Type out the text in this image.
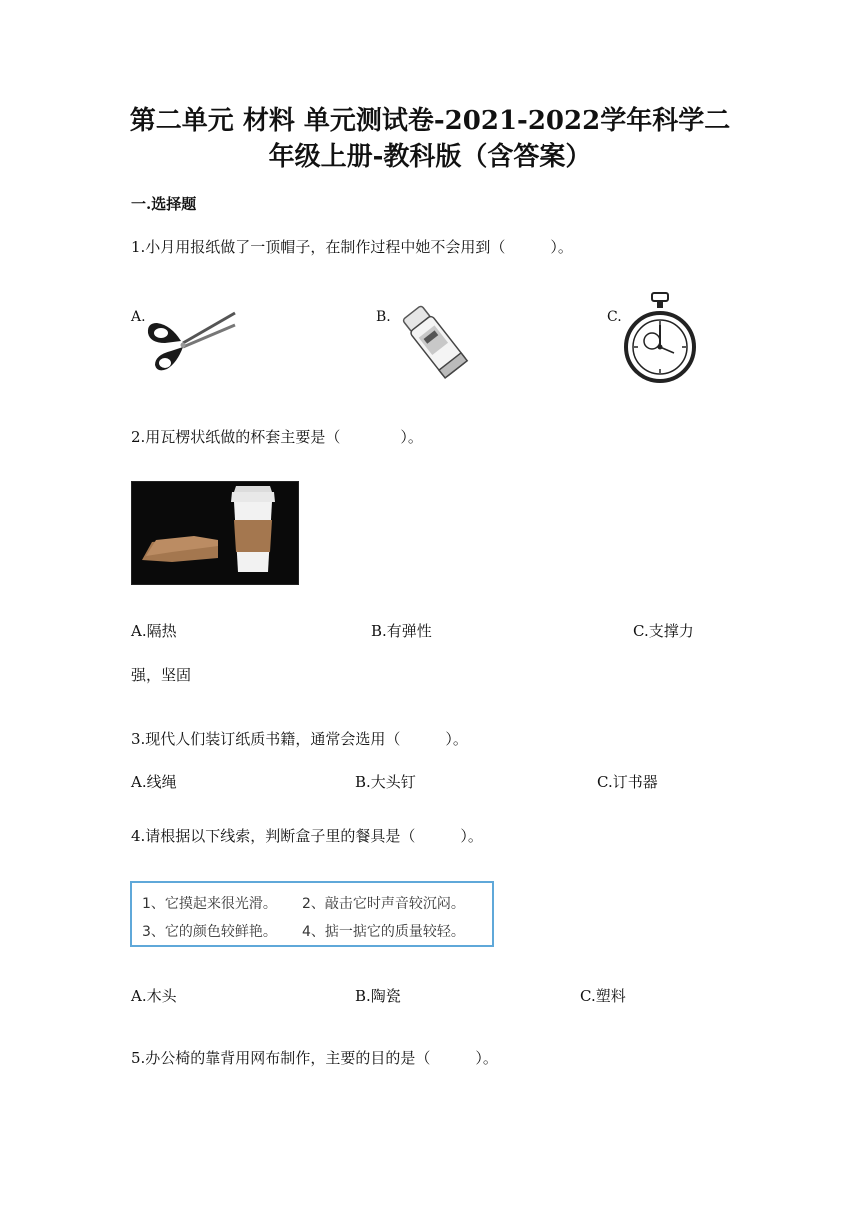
第二单元 材料 单元测试卷-2021-2022学年科学二
年级上册-教科版（含答案）
一.选择题
1.小月用报纸做了一顶帽子，在制作过程中她不会用到（　　　）。
A.	B.	C.
2.用瓦楞状纸做的杯套主要是（　　　　）。
A.隔热	B.有弹性	C.支撑力
强，坚固
3.现代人们装订纸质书籍，通常会选用（　　　）。
A.线绳	B.大头钉	C.订书器
4.请根据以下线索，判断盒子里的餐具是（　　　）。
1、它摸起来很光滑。 2、敲击它时声音较沉闷。
3、它的颜色较鲜艳。 4、掂一掂它的质量较轻。
A.木头	B.陶瓷	C.塑料
5.办公椅的靠背用网布制作，主要的目的是（　　　）。
